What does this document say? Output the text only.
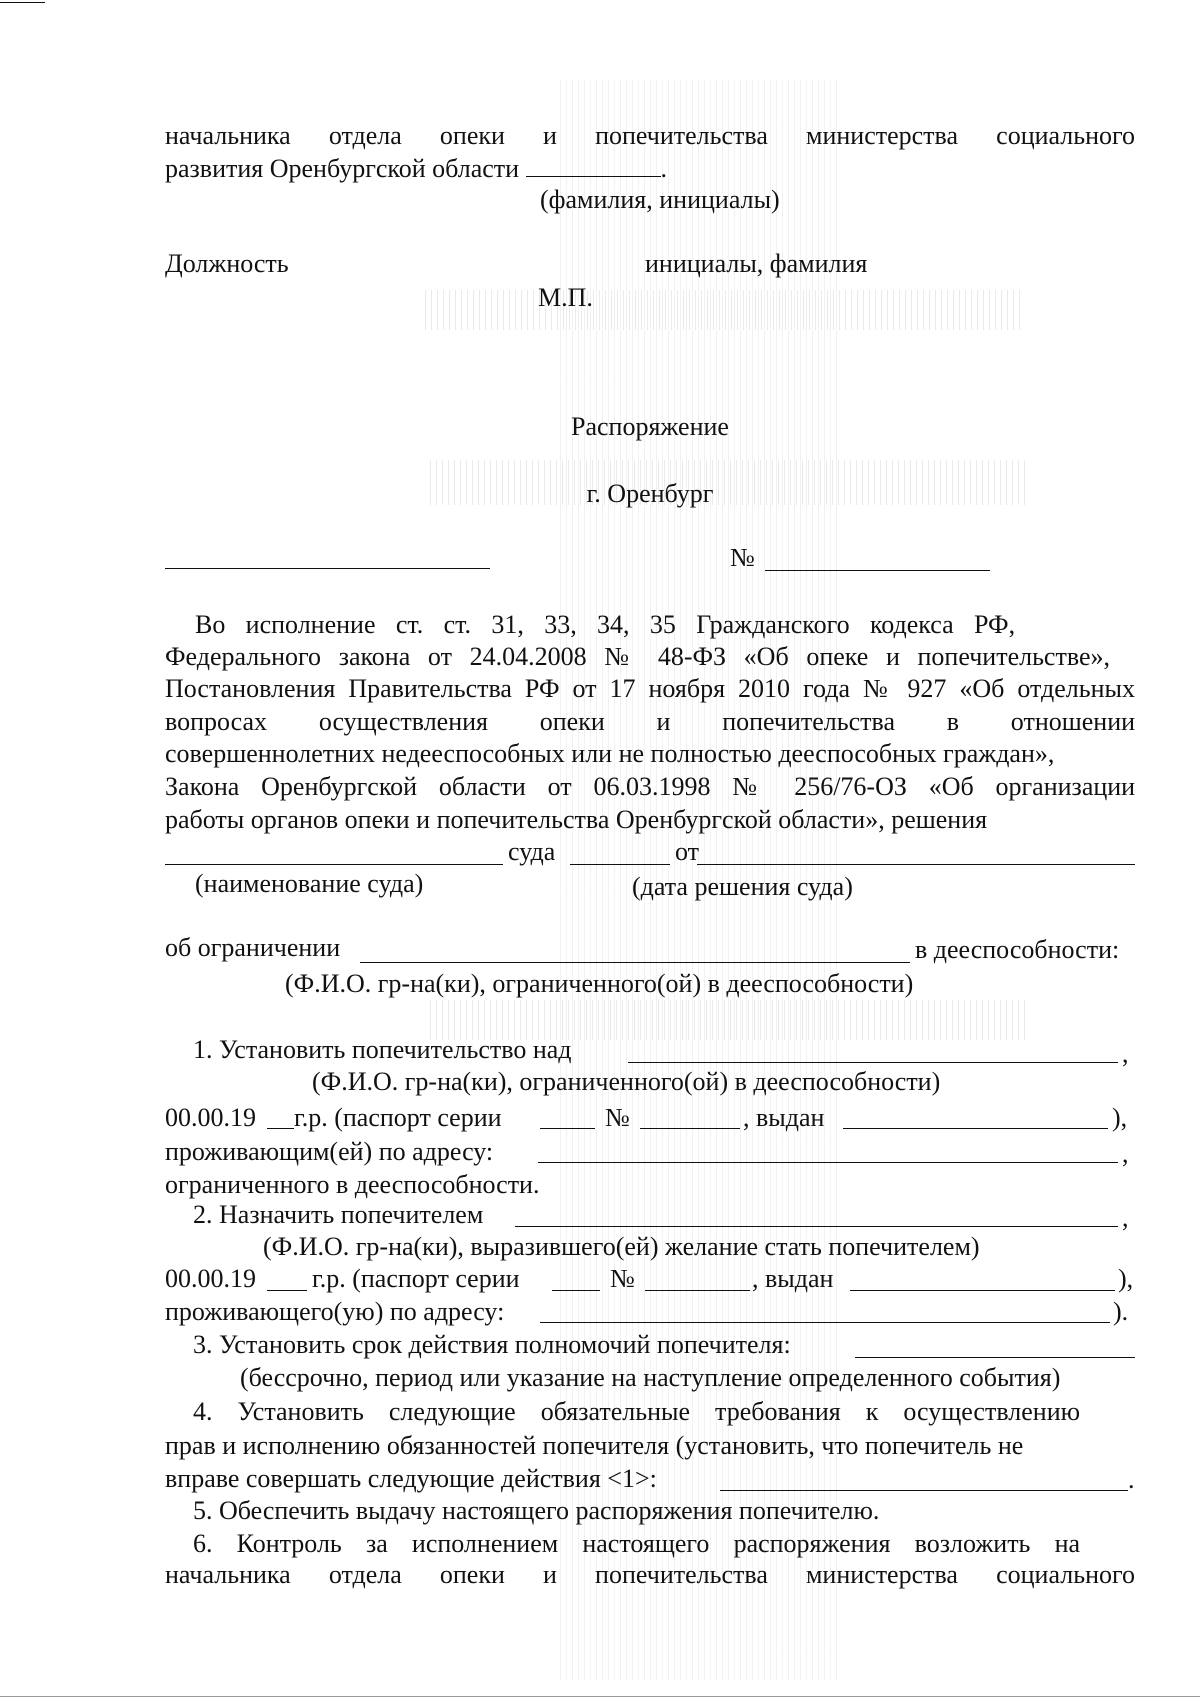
начальника отдела опеки и попечительства министерства социального
развития Оренбургской области	.
(фамилия, инициалы)
Должность	инициалы, фамилия
М.П.
Распоряжение
г. Оренбург
№
Во исполнение ст. ст. 31, 33, 34, 35 Гражданского кодекса РФ,
Федерального закона от 24.04.2008 № 48-ФЗ «Об опеке и попечительстве»,
Постановления Правительства РФ от 17 ноября 2010 года № 927 «Об отдельных
вопросах осуществления опеки и попечительства в отношении
совершеннолетних недееспособных или не полностью дееспособных граждан»,
Закона Оренбургской области от 06.03.1998 № 256/76-ОЗ «Об организации
работы органов опеки и попечительства Оренбургской области», решения
суда	от
(наименование суда)	(дата решения суда)
об ограничении	в дееспособности:
(Ф.И.О. гр-на(ки), ограниченного(ой) в дееспособности)
1. Установить попечительство над	,
(Ф.И.О. гр-на(ки), ограниченного(ой) в дееспособности)
00.00.19	г.р. (паспорт серии	№	, выдан	),
проживающим(ей) по адресу:	,
ограниченного в дееспособности.
2. Назначить попечителем	,
(Ф.И.О. гр-на(ки), выразившего(ей) желание стать попечителем)
00.00.19	г.р. (паспорт серии	№	, выдан	),
проживающего(ую) по адресу:	).
3. Установить срок действия полномочий попечителя:
(бессрочно, период или указание на наступление определенного события)
4. Установить следующие обязательные требования к осуществлению
прав и исполнению обязанностей попечителя (установить, что попечитель не
вправе совершать следующие действия <1>:	.
5. Обеспечить выдачу настоящего распоряжения попечителю.
6. Контроль за исполнением настоящего распоряжения возложить на
начальника отдела опеки и попечительства министерства социального
